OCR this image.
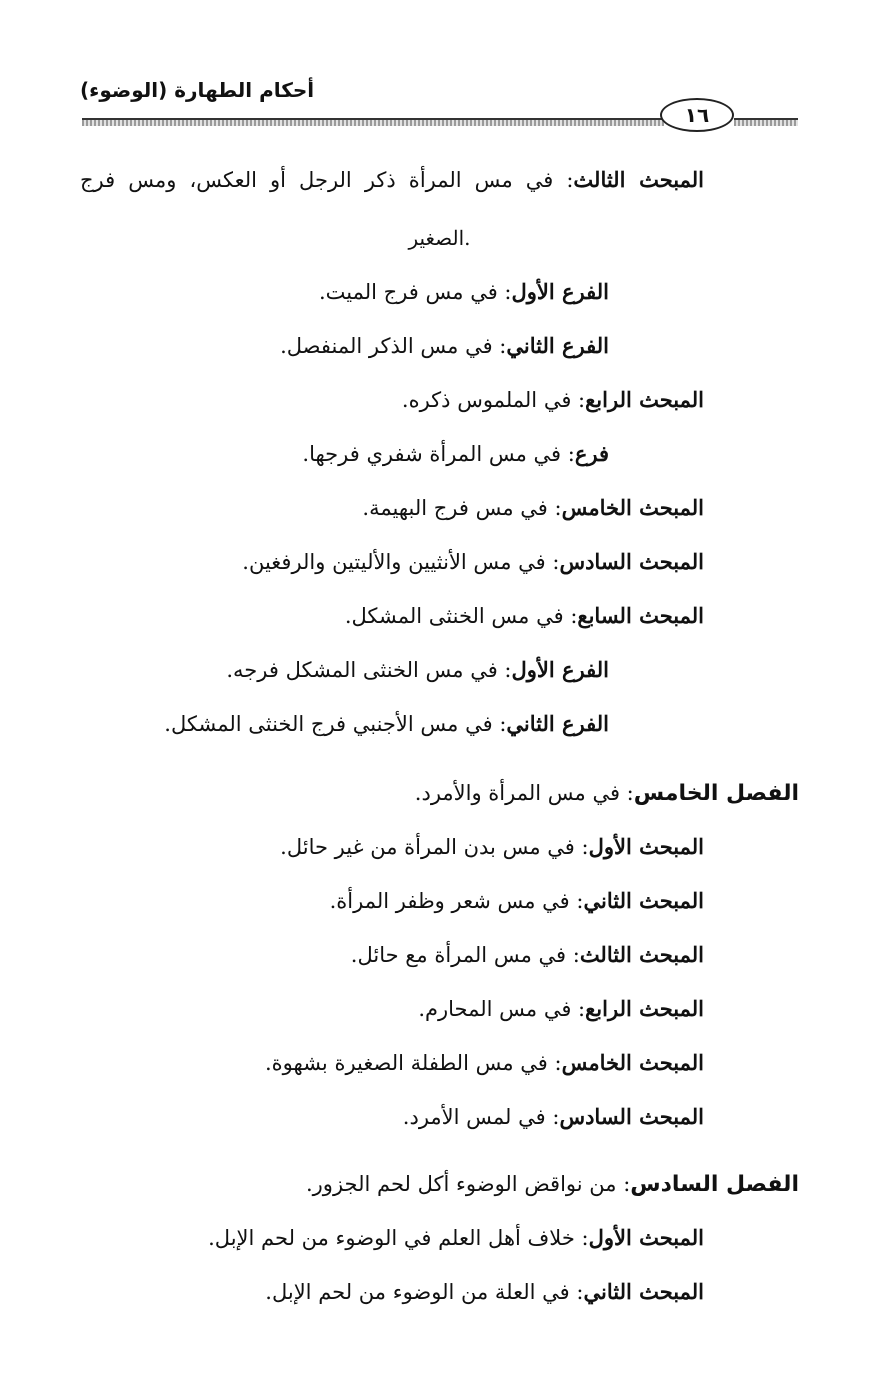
أحكام الطهارة (الوضوء)
١٦
المبحث الثالث: في مس المرأة ذكر الرجل أو العكس، ومس فرج
الصغير.
الفرع الأول: في مس فرج الميت.
الفرع الثاني: في مس الذكر المنفصل.
المبحث الرابع: في الملموس ذكره.
فرع: في مس المرأة شفري فرجها.
المبحث الخامس: في مس فرج البهيمة.
المبحث السادس: في مس الأنثيين والأليتين والرفغين.
المبحث السابع: في مس الخنثى المشكل.
الفرع الأول: في مس الخنثى المشكل فرجه.
الفرع الثاني: في مس الأجنبي فرج الخنثى المشكل.
الفصل الخامس: في مس المرأة والأمرد.
المبحث الأول: في مس بدن المرأة من غير حائل.
المبحث الثاني: في مس شعر وظفر المرأة.
المبحث الثالث: في مس المرأة مع حائل.
المبحث الرابع: في مس المحارم.
المبحث الخامس: في مس الطفلة الصغيرة بشهوة.
المبحث السادس: في لمس الأمرد.
الفصل السادس: من نواقض الوضوء أكل لحم الجزور.
المبحث الأول: خلاف أهل العلم في الوضوء من لحم الإبل.
المبحث الثاني: في العلة من الوضوء من لحم الإبل.
